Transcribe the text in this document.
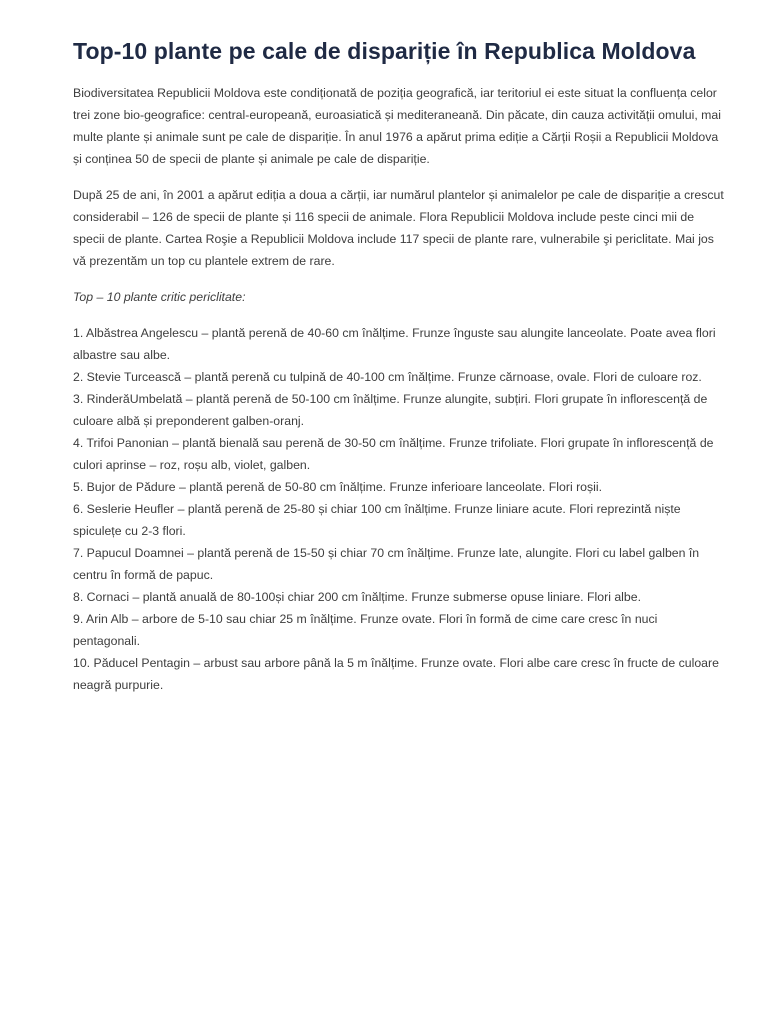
Top-10 plante pe cale de dispariție în Republica Moldova

Biodiversitatea Republicii Moldova este condiționată de poziția geografică, iar teritoriul ei este situat la confluența celor trei zone bio-geografice: central-europeană, euroasiatică și mediteraneană. Din păcate, din cauza activității omului, mai multe plante și animale sunt pe cale de dispariție. În anul 1976 a apărut prima ediție a Cărții Roșii a Republicii Moldova și conținea 50 de specii de plante și animale pe cale de dispariție.

După 25 de ani, în 2001 a apărut ediția a doua a cărții, iar numărul plantelor și animalelor pe cale de dispariție a crescut considerabil – 126 de specii de plante și 116 specii de animale. Flora Republicii Moldova include peste cinci mii de specii de plante. Cartea Roşie a Republicii Moldova include 117 specii de plante rare, vulnerabile şi periclitate. Mai jos vă prezentăm un top cu plantele extrem de rare.

Top – 10 plante critic periclitate:

1. Albăstrea Angelescu – plantă perenă de 40-60 cm înălțime. Frunze înguste sau alungite lanceolate. Poate avea flori albastre sau albe.
2. Stevie Turcească – plantă perenă cu tulpină de 40-100 cm înălțime. Frunze cărnoase, ovale. Flori de culoare roz.
3. RinderăUmbelată – plantă perenă de 50-100 cm înălțime. Frunze alungite, subțiri. Flori grupate în inflorescență de culoare albă și preponderent galben-oranj.
4. Trifoi Panonian – plantă bienală sau perenă de 30-50 cm înălțime. Frunze trifoliate. Flori grupate în inflorescență de culori aprinse – roz, roșu alb, violet, galben.
5. Bujor de Pădure – plantă perenă de 50-80 cm înălțime. Frunze inferioare lanceolate. Flori roșii.
6. Seslerie Heufler – plantă perenă de 25-80 și chiar 100 cm înălțime. Frunze liniare acute. Flori reprezintă niște spiculețe cu 2-3 flori.
7. Papucul Doamnei – plantă perenă de 15-50 și chiar 70 cm înălțime. Frunze late, alungite. Flori cu label galben în centru în formă de papuc.
8. Cornaci – plantă anuală de 80-100și chiar 200 cm înălțime. Frunze submerse opuse liniare. Flori albe.
9. Arin Alb – arbore de 5-10 sau chiar 25 m înălțime. Frunze ovate. Flori în formă de cime care cresc în nuci pentagonali.
10. Păducel Pentagin – arbust sau arbore până la 5 m înălțime. Frunze ovate. Flori albe care cresc în fructe de culoare neagră purpurie.
